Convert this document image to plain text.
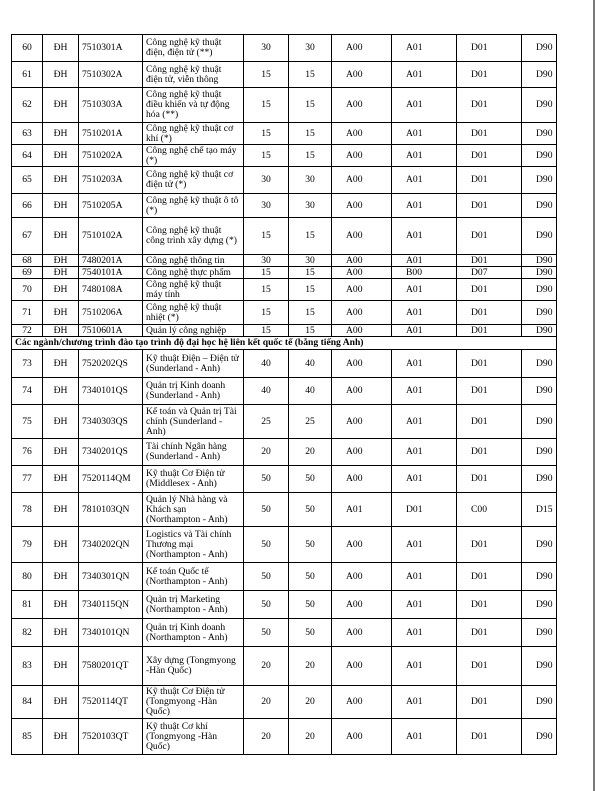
60	ĐH	7510301A	Công nghệ kỹ thuật điện, điện tử (**)	30	30	A00	A01	D01	D90
61	ĐH	7510302A	Công nghệ kỹ thuật điện tử, viễn thông	15	15	A00	A01	D01	D90
62	ĐH	7510303A	Công nghệ kỹ thuật điều khiển và tự động hóa (**)	15	15	A00	A01	D01	D90
63	ĐH	7510201A	Công nghệ kỹ thuật cơ khí (*)	15	15	A00	A01	D01	D90
64	ĐH	7510202A	Công nghệ chế tạo máy (*)	15	15	A00	A01	D01	D90
65	ĐH	7510203A	Công nghệ kỹ thuật cơ điện tử (*)	30	30	A00	A01	D01	D90
66	ĐH	7510205A	Công nghệ kỹ thuật ô tô (*)	30	30	A00	A01	D01	D90
67	ĐH	7510102A	Công nghệ kỹ thuật công trình xây dựng (*)	15	15	A00	A01	D01	D90
68	ĐH	7480201A	Công nghệ thông tin	30	30	A00	A01	D01	D90
69	ĐH	7540101A	Công nghệ thực phẩm	15	15	A00	B00	D07	D90
70	ĐH	7480108A	Công nghệ kỹ thuật máy tính	15	15	A00	A01	D01	D90
71	ĐH	7510206A	Công nghệ kỹ thuật nhiệt (*)	15	15	A00	A01	D01	D90
72	ĐH	7510601A	Quản lý công nghiệp	15	15	A00	A01	D01	D90
Các ngành/chương trình đào tạo trình độ đại học hệ liên kết quốc tế (bằng tiếng Anh)									
73	ĐH	7520202QS	Kỹ thuật Điện – Điện tử (Sunderland - Anh)	40	40	A00	A01	D01	D90
74	ĐH	7340101QS	Quản trị Kinh doanh (Sunderland - Anh)	40	40	A00	A01	D01	D90
75	ĐH	7340303QS	Kế toán và Quản trị Tài chính (Sunderland - Anh)	25	25	A00	A01	D01	D90
76	ĐH	7340201QS	Tài chính Ngân hàng (Sunderland - Anh)	20	20	A00	A01	D01	D90
77	ĐH	7520114QM	Kỹ thuật Cơ Điện tử (Middlesex - Anh)	50	50	A00	A01	D01	D90
78	ĐH	7810103QN	Quản lý Nhà hàng và Khách sạn (Northampton - Anh)	50	50	A01	D01	C00	D15
79	ĐH	7340202QN	Logistics và Tài chính Thương mại (Northampton - Anh)	50	50	A00	A01	D01	D90
80	ĐH	7340301QN	Kế toán Quốc tế (Northampton - Anh)	50	50	A00	A01	D01	D90
81	ĐH	7340115QN	Quản trị Marketing (Northampton - Anh)	50	50	A00	A01	D01	D90
82	ĐH	7340101QN	Quản trị Kinh doanh (Northampton - Anh)	50	50	A00	A01	D01	D90
83	ĐH	7580201QT	Xây dựng (Tongmyong -Hàn Quốc)	20	20	A00	A01	D01	D90
84	ĐH	7520114QT	Kỹ thuật Cơ Điện tử (Tongmyong -Hàn Quốc)	20	20	A00	A01	D01	D90
85	ĐH	7520103QT	Kỹ thuật Cơ khí (Tongmyong -Hàn Quốc)	20	20	A00	A01	D01	D90
